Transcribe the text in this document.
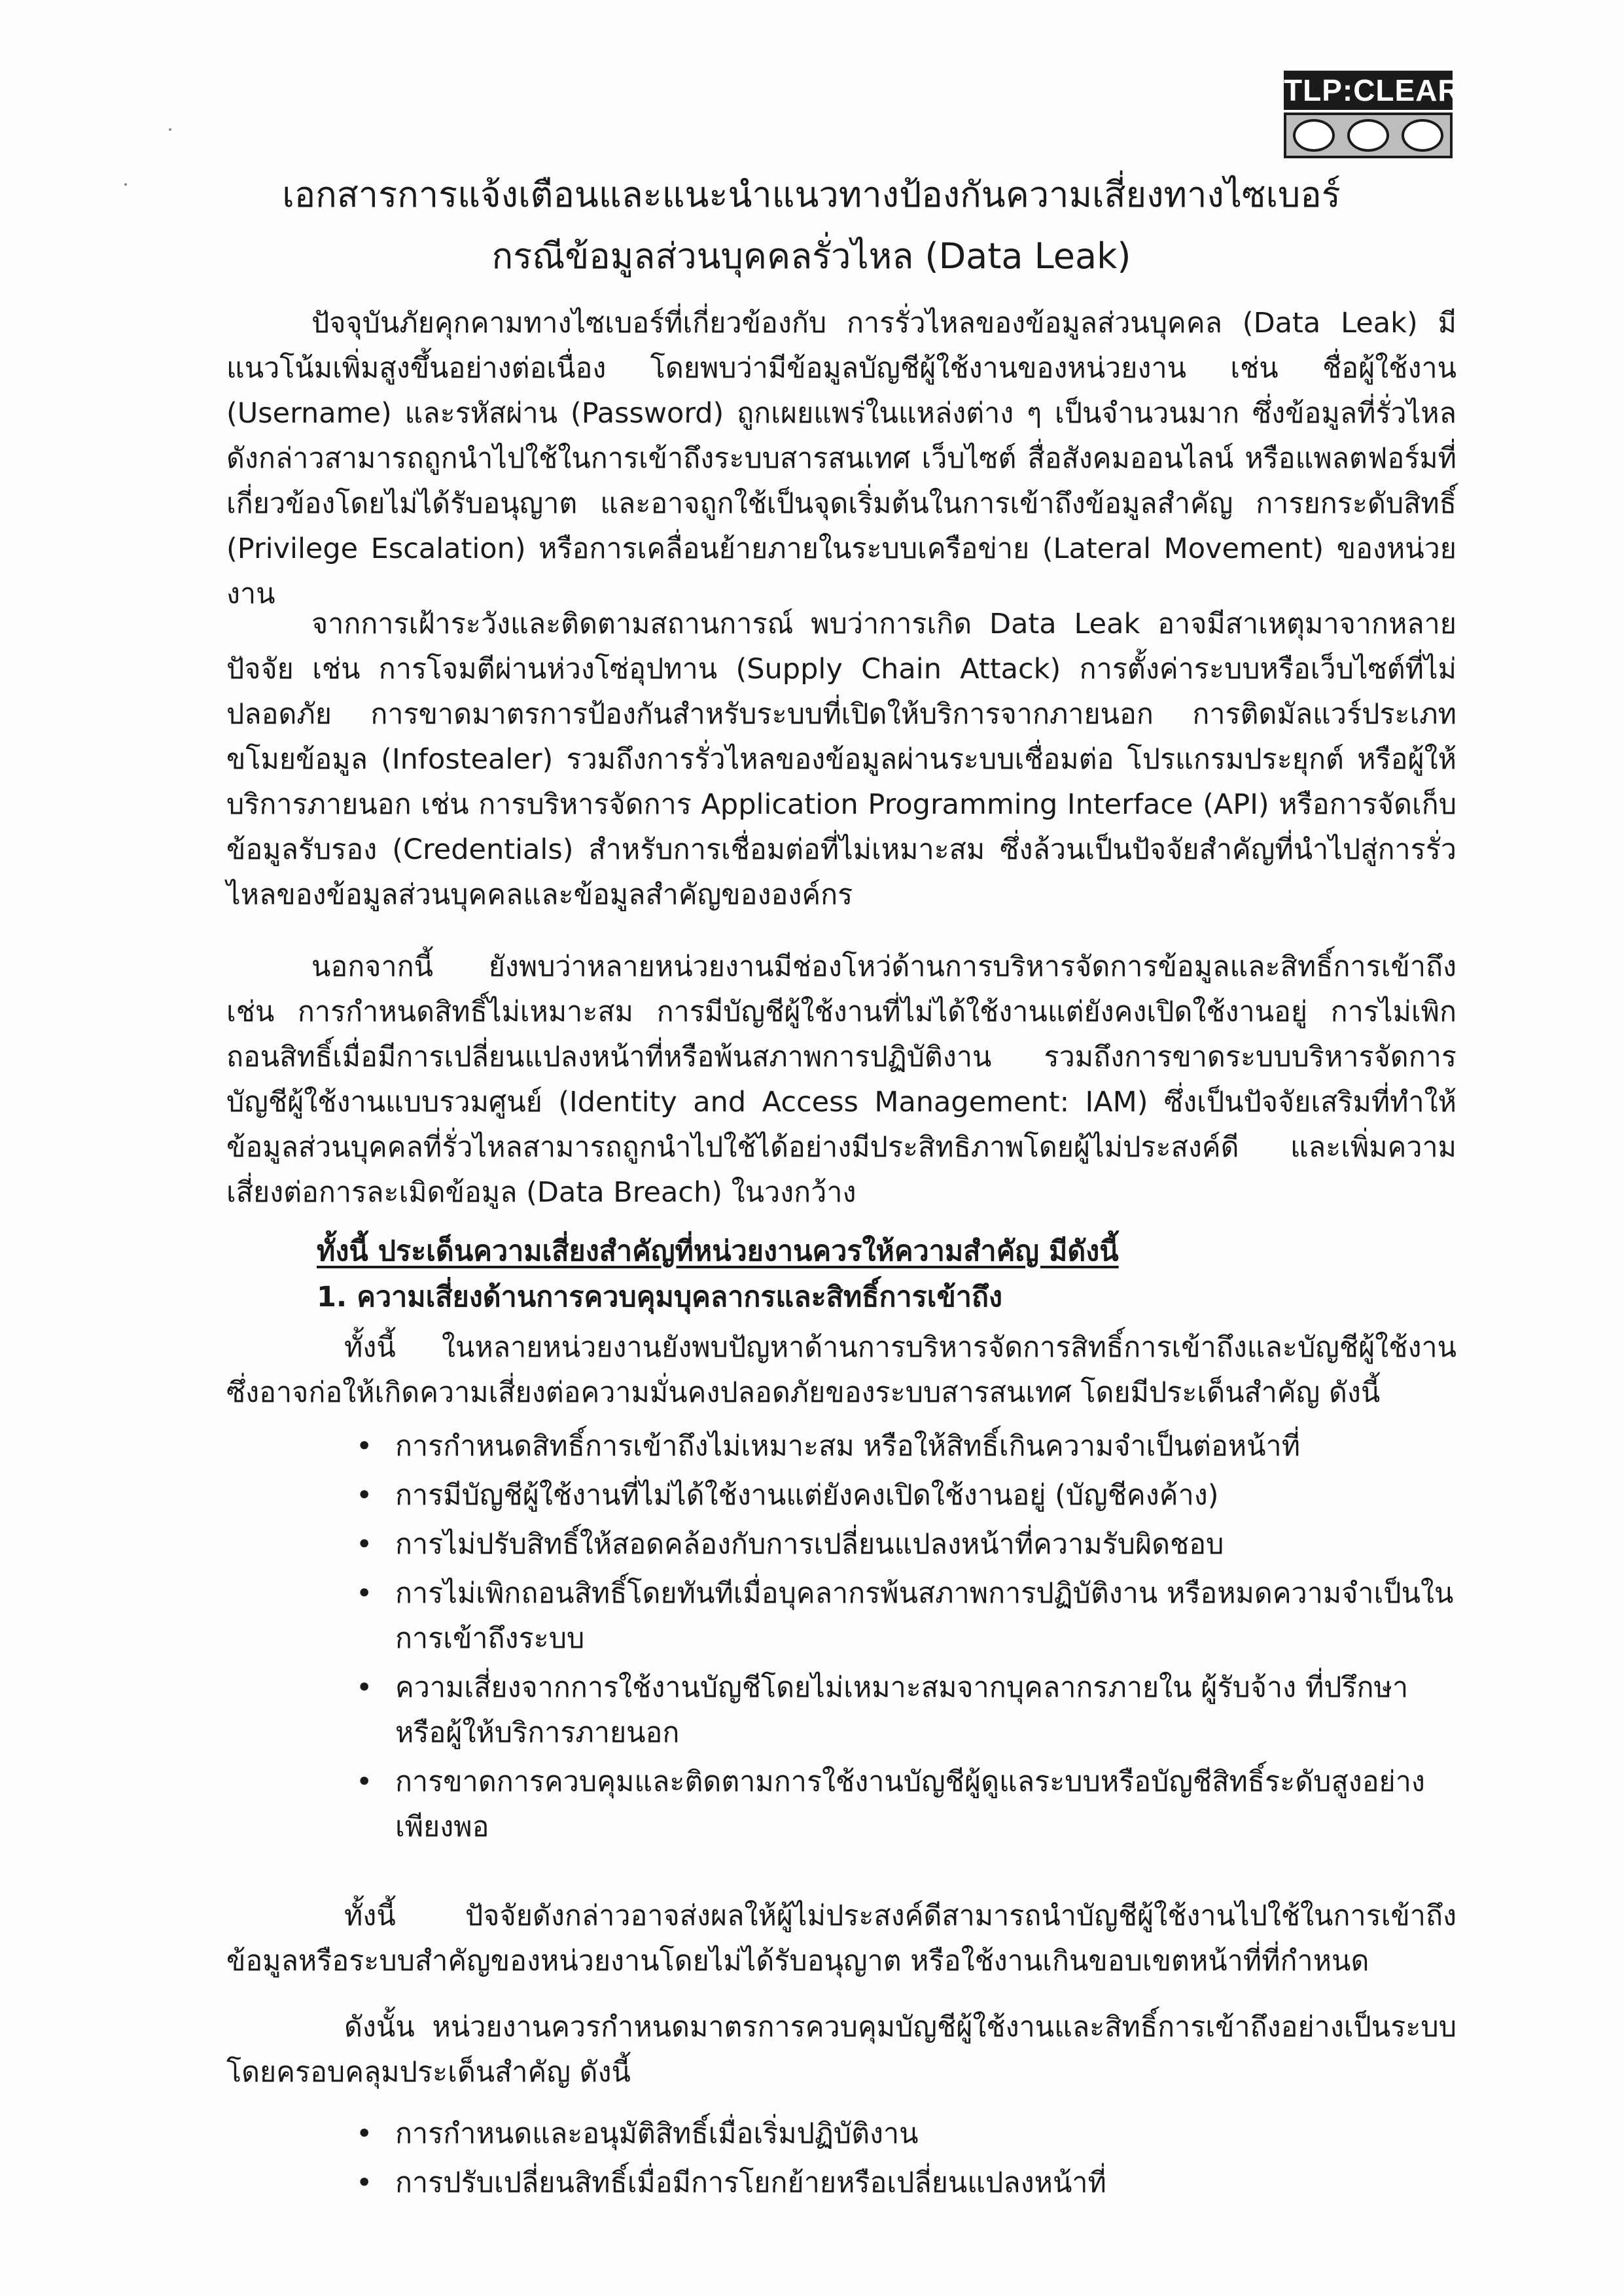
TLP:CLEAR
เอกสารการแจ้งเตือนและแนะนำแนวทางป้องกันความเสี่ยงทางไซเบอร์
กรณีข้อมูลส่วนบุคคลรั่วไหล (Data Leak)

ปัจจุบันภัยคุกคามทางไซเบอร์ที่เกี่ยวข้องกับ การรั่วไหลของข้อมูลส่วนบุคคล (Data Leak) มีแนวโน้มเพิ่มสูงขึ้นอย่างต่อเนื่อง โดยพบว่ามีข้อมูลบัญชีผู้ใช้งานของหน่วยงาน เช่น ชื่อผู้ใช้งาน (Username) และรหัสผ่าน (Password) ถูกเผยแพร่ในแหล่งต่าง ๆ เป็นจำนวนมาก ซึ่งข้อมูลที่รั่วไหลดังกล่าวสามารถถูกนำไปใช้ในการเข้าถึงระบบสารสนเทศ เว็บไซต์ สื่อสังคมออนไลน์ หรือแพลตฟอร์มที่เกี่ยวข้องโดยไม่ได้รับอนุญาต และอาจถูกใช้เป็นจุดเริ่มต้นในการเข้าถึงข้อมูลสำคัญ การยกระดับสิทธิ์ (Privilege Escalation) หรือการเคลื่อนย้ายภายในระบบเครือข่าย (Lateral Movement) ของหน่วยงาน

จากการเฝ้าระวังและติดตามสถานการณ์ พบว่าการเกิด Data Leak อาจมีสาเหตุมาจากหลายปัจจัย เช่น การโจมตีผ่านห่วงโซ่อุปทาน (Supply Chain Attack) การตั้งค่าระบบหรือเว็บไซต์ที่ไม่ปลอดภัย การขาดมาตรการป้องกันสำหรับระบบที่เปิดให้บริการจากภายนอก การติดมัลแวร์ประเภทขโมยข้อมูล (Infostealer) รวมถึงการรั่วไหลของข้อมูลผ่านระบบเชื่อมต่อ โปรแกรมประยุกต์ หรือผู้ให้บริการภายนอก เช่น การบริหารจัดการ Application Programming Interface (API) หรือการจัดเก็บข้อมูลรับรอง (Credentials) สำหรับการเชื่อมต่อที่ไม่เหมาะสม ซึ่งล้วนเป็นปัจจัยสำคัญที่นำไปสู่การรั่วไหลของข้อมูลส่วนบุคคลและข้อมูลสำคัญขององค์กร

นอกจากนี้ ยังพบว่าหลายหน่วยงานมีช่องโหว่ด้านการบริหารจัดการข้อมูลและสิทธิ์การเข้าถึง เช่น การกำหนดสิทธิ์ไม่เหมาะสม การมีบัญชีผู้ใช้งานที่ไม่ได้ใช้งานแต่ยังคงเปิดใช้งานอยู่ การไม่เพิกถอนสิทธิ์เมื่อมีการเปลี่ยนแปลงหน้าที่หรือพ้นสภาพการปฏิบัติงาน รวมถึงการขาดระบบบริหารจัดการบัญชีผู้ใช้งานแบบรวมศูนย์ (Identity and Access Management: IAM) ซึ่งเป็นปัจจัยเสริมที่ทำให้ข้อมูลส่วนบุคคลที่รั่วไหลสามารถถูกนำไปใช้ได้อย่างมีประสิทธิภาพโดยผู้ไม่ประสงค์ดี และเพิ่มความเสี่ยงต่อการละเมิดข้อมูล (Data Breach) ในวงกว้าง

ทั้งนี้ ประเด็นความเสี่ยงสำคัญที่หน่วยงานควรให้ความสำคัญ มีดังนี้
1. ความเสี่ยงด้านการควบคุมบุคลากรและสิทธิ์การเข้าถึง

ทั้งนี้ ในหลายหน่วยงานยังพบปัญหาด้านการบริหารจัดการสิทธิ์การเข้าถึงและบัญชีผู้ใช้งาน ซึ่งอาจก่อให้เกิดความเสี่ยงต่อความมั่นคงปลอดภัยของระบบสารสนเทศ โดยมีประเด็นสำคัญ ดังนี้

• การกำหนดสิทธิ์การเข้าถึงไม่เหมาะสม หรือให้สิทธิ์เกินความจำเป็นต่อหน้าที่
• การมีบัญชีผู้ใช้งานที่ไม่ได้ใช้งานแต่ยังคงเปิดใช้งานอยู่ (บัญชีคงค้าง)
• การไม่ปรับสิทธิ์ให้สอดคล้องกับการเปลี่ยนแปลงหน้าที่ความรับผิดชอบ
• การไม่เพิกถอนสิทธิ์โดยทันทีเมื่อบุคลากรพ้นสภาพการปฏิบัติงาน หรือหมดความจำเป็นในการเข้าถึงระบบ
• ความเสี่ยงจากการใช้งานบัญชีโดยไม่เหมาะสมจากบุคลากรภายใน ผู้รับจ้าง ที่ปรึกษา หรือผู้ให้บริการภายนอก
• การขาดการควบคุมและติดตามการใช้งานบัญชีผู้ดูแลระบบหรือบัญชีสิทธิ์ระดับสูงอย่างเพียงพอ

ทั้งนี้ ปัจจัยดังกล่าวอาจส่งผลให้ผู้ไม่ประสงค์ดีสามารถนำบัญชีผู้ใช้งานไปใช้ในการเข้าถึงข้อมูลหรือระบบสำคัญของหน่วยงานโดยไม่ได้รับอนุญาต หรือใช้งานเกินขอบเขตหน้าที่ที่กำหนด

ดังนั้น หน่วยงานควรกำหนดมาตรการควบคุมบัญชีผู้ใช้งานและสิทธิ์การเข้าถึงอย่างเป็นระบบ โดยครอบคลุมประเด็นสำคัญ ดังนี้

• การกำหนดและอนุมัติสิทธิ์เมื่อเริ่มปฏิบัติงาน
• การปรับเปลี่ยนสิทธิ์เมื่อมีการโยกย้ายหรือเปลี่ยนแปลงหน้าที่
